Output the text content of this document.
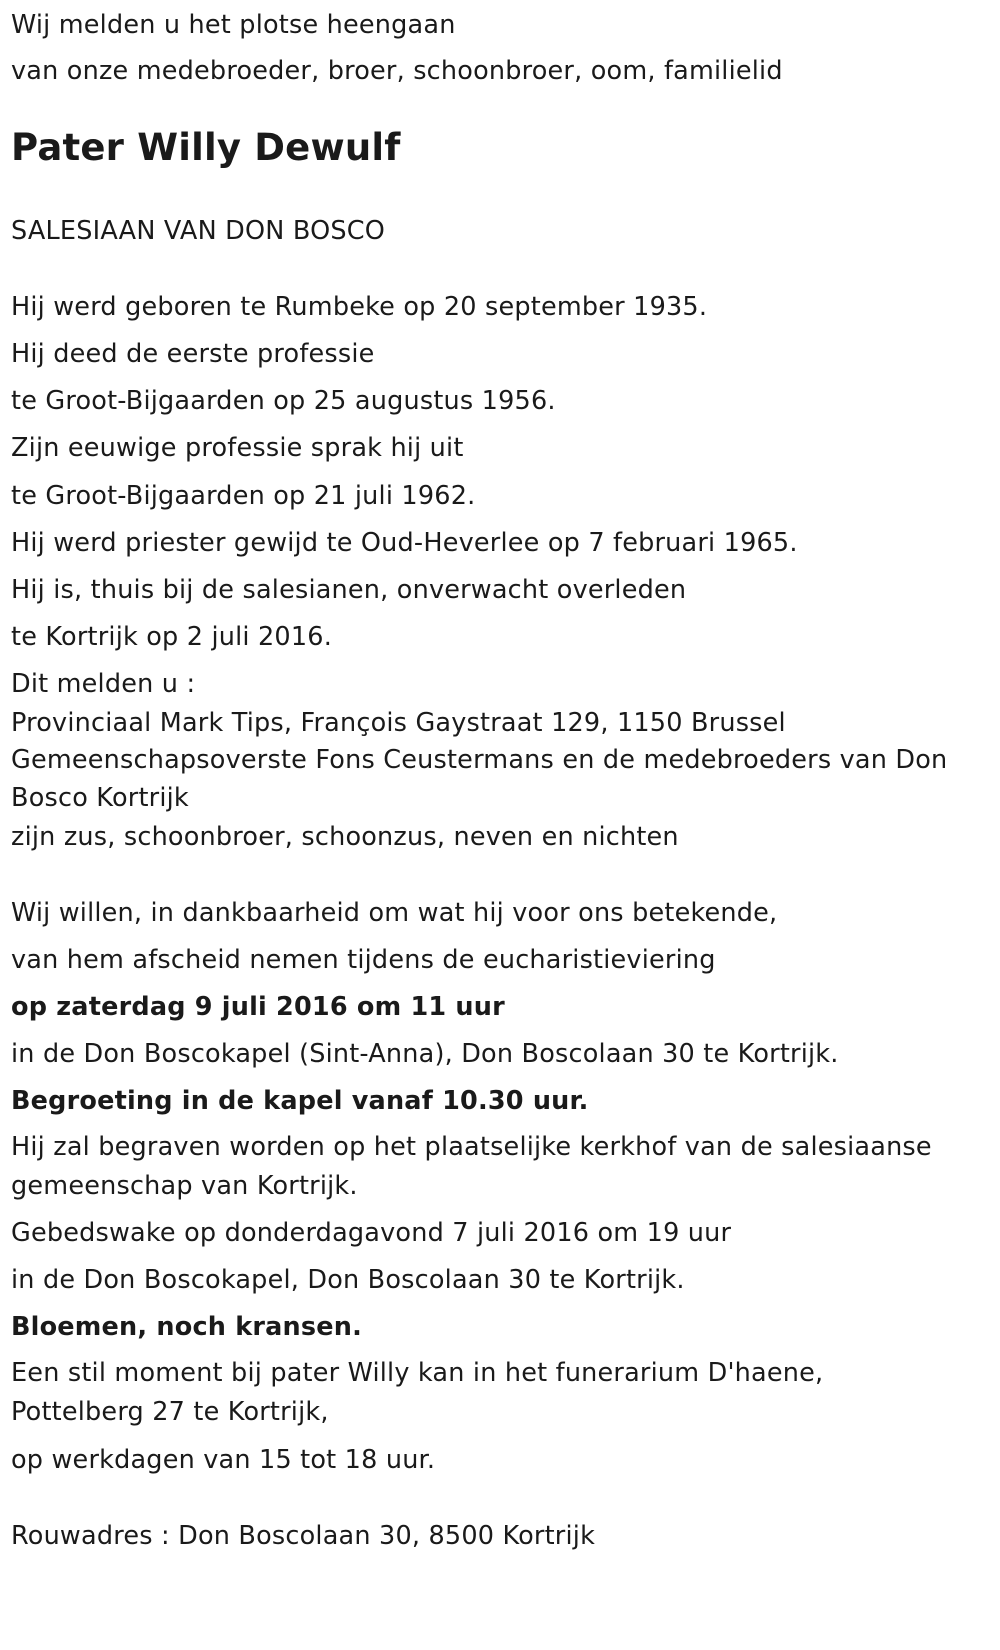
Wij melden u het plotse heengaan

van onze medebroeder, broer, schoonbroer, oom, familielid

Pater Willy Dewulf

SALESIAAN VAN DON BOSCO

Hij werd geboren te Rumbeke op 20 september 1935.

Hij deed de eerste professie

te Groot-Bijgaarden op 25 augustus 1956.

Zijn eeuwige professie sprak hij uit

te Groot-Bijgaarden op 21 juli 1962.

Hij werd priester gewijd te Oud-Heverlee op 7 februari 1965.

Hij is, thuis bij de salesianen, onverwacht overleden

te Kortrijk op 2 juli 2016.

Dit melden u :

Provinciaal Mark Tips, François Gaystraat 129, 1150 Brussel

Gemeenschapsoverste Fons Ceustermans en de medebroeders van Don Bosco Kortrijk

zijn zus, schoonbroer, schoonzus, neven en nichten

Wij willen, in dankbaarheid om wat hij voor ons betekende,

van hem afscheid nemen tijdens de eucharistieviering

op zaterdag 9 juli 2016 om 11 uur

in de Don Boscokapel (Sint-Anna), Don Boscolaan 30 te Kortrijk.

Begroeting in de kapel vanaf 10.30 uur.

Hij zal begraven worden op het plaatselijke kerkhof van de salesiaanse gemeenschap van Kortrijk.

Gebedswake op donderdagavond 7 juli 2016 om 19 uur

in de Don Boscokapel, Don Boscolaan 30 te Kortrijk.

Bloemen, noch kransen.

Een stil moment bij pater Willy kan in het funerarium D'haene, Pottelberg 27 te Kortrijk,

op werkdagen van 15 tot 18 uur.

Rouwadres : Don Boscolaan 30, 8500 Kortrijk
